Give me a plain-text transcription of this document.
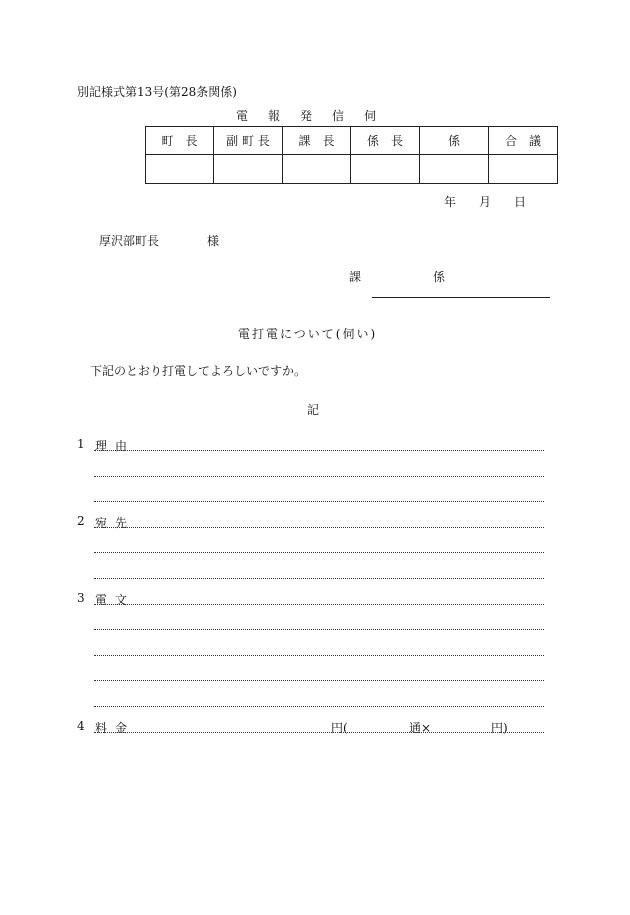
別記様式第13号(第28条関係)
電 報 発 信 伺
町　長	副 町 長	課　長	係　長	係	合　議

年 月 日
厚沢部町長	様
課	係
電打電について(伺い)
下記のとおり打電してよろしいですか。
記
1 理由
2 宛先
3 電文
4 料金	円(	通×	円)
